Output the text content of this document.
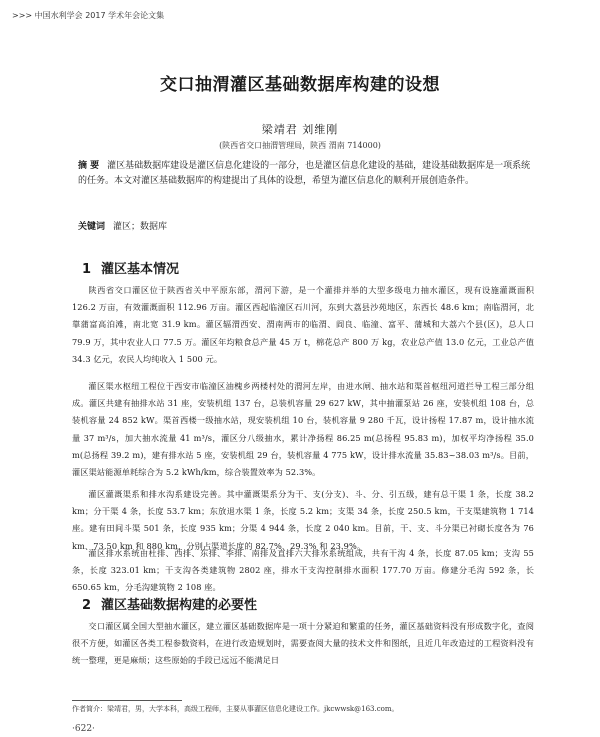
>>> 中国水利学会 2017 学术年会论文集
交口抽渭灌区基础数据库构建的设想
梁靖君 刘维刚
(陕西省交口抽渭管理局，陕西 渭南 714000)

摘 要 灌区基础数据库建设是灌区信息化建设的一部分，也是灌区信息化建设的基础，建设基础数据库是一项系统的任务。本文对灌区基础数据库的构建提出了具体的设想，希望为灌区信息化的顺利开展创造条件。

关键词 灌区；数据库

1 灌区基本情况

陕西省交口灌区位于陕西省关中平原东部，渭河下游，是一个灌排并举的大型多级电力抽水灌区，现有设施灌溉面积 126.2 万亩，有效灌溉面积 112.96 万亩。灌区西起临潼区石川河，东到大荔县沙苑地区，东西长 48.6 km；南临渭河，北靠蒲富高泊滩，南北宽 31.9 km。灌区辐渭西安、渭南两市的临渭、阎良、临潼、富平、蒲城和大荔六个县(区)，总人口 79.9 万，其中农业人口 77.5 万。灌区年均粮食总产量 45 万 t，棉花总产 800 万 kg，农业总产值 13.0 亿元，工业总产值 34.3 亿元，农民人均纯收入 1 500 元。

灌区渠水枢纽工程位于西安市临潼区油槐乡两楼村处的渭河左岸，由进水闸、抽水站和渠首枢纽河道拦导工程三部分组成。灌区共建有抽排水站 31 座，安装机组 137 台，总装机容量 29 627 kW，其中抽灌泵站 26 座，安装机组 108 台，总装机容量 24 852 kW。渠首西楼一级抽水站，现安装机组 10 台，装机容量 9 280 千瓦，设计扬程 17.87 m，设计抽水流量 37 m³/s，加大抽水流量 41 m³/s，灌区分八级抽水，累计净扬程 86.25 m(总扬程 95.83 m)，加权平均净扬程 35.0 m(总扬程 39.2 m)，建有排水站 5 座，安装机组 29 台，装机容量 4 775 kW，设计排水流量 35.83~38.03 m³/s。目前，灌区渠站能源单耗综合为 5.2 kWh/km，综合装置效率为 52.3%。

灌区灌溉渠系和排水沟系建设完善。其中灌溉渠系分为干、支(分支)、斗、分、引五级，建有总干渠 1 条，长度 38.2 km；分干渠 4 条，长度 53.7 km；东放退水渠 1 条，长度 5.2 km；支渠 34 条，长度 250.5 km，干支渠建筑物 1 714 座。建有田间斗渠 501 条，长度 935 km；分渠 4 944 条，长度 2 040 km。目前，干、支、斗分渠已衬砌长度各为 76 km、73.50 km 和 880 km，分别占渠道长度的 82.7%、29.3% 和 23.9%。

灌区排水系统由杜排、西排、东排、李排、南排及直排六大排水系统组成，共有干沟 4 条，长度 87.05 km；支沟 55 条，长度 323.01 km；干支沟各类建筑物 2802 座，排水干支沟控制排水面积 177.70 万亩。修建分毛沟 592 条，长 650.65 km，分毛沟建筑物 2 108 座。

2 灌区基础数据构建的必要性

交口灌区属全国大型抽水灌区，建立灌区基础数据库是一项十分紧迫和繁重的任务，灌区基础资料没有形成数字化，查阅很不方便，如灌区各类工程参数资料，在进行改造规划时，需要查阅大量的技术文件和图纸，且近几年改造过的工程资料没有统一整理，更是麻烦；这些原始的手段已远远不能满足日

作者简介：梁靖君，男，大学本科，高级工程师，主要从事灌区信息化建设工作。jkcwwsk@163.com。
·622·
